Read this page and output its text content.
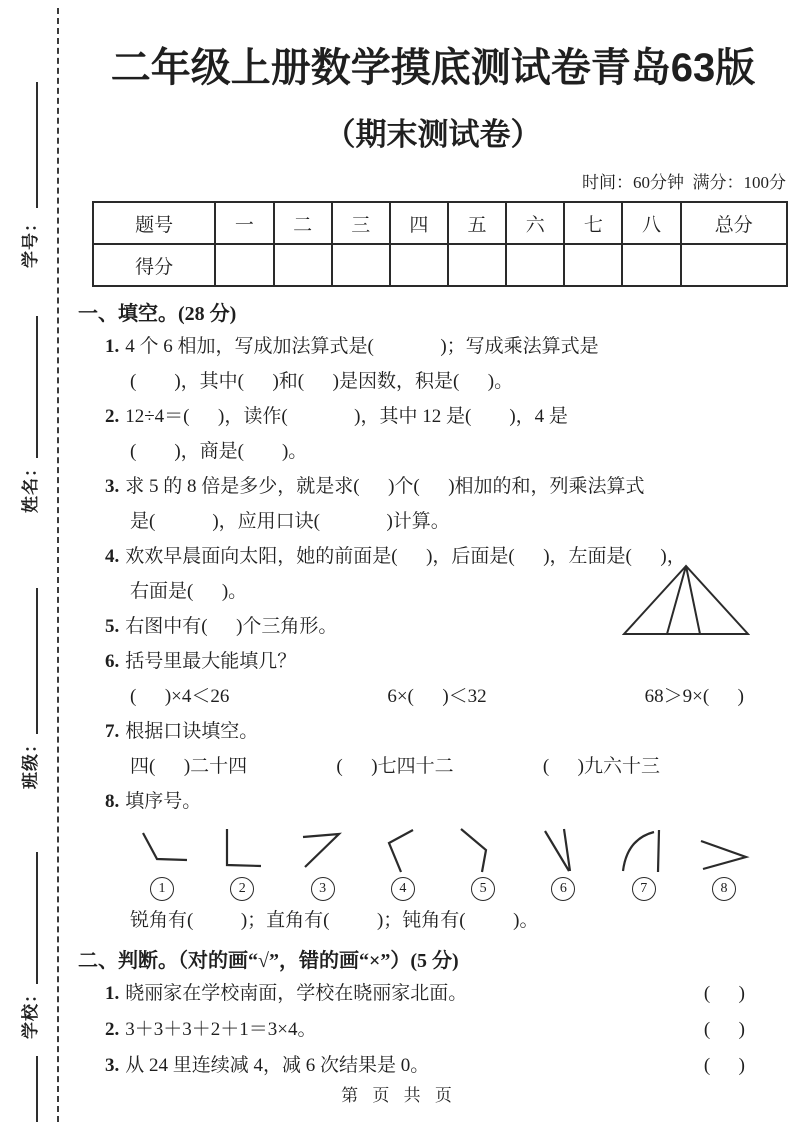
学号：
姓名：
班级：
学校：
二年级上册数学摸底测试卷青岛63版
（期末测试卷）
时间：60分钟  满分：100分
题号	一	二	三	四	五	六	七	八	总分
得分									
一、填空。(28 分)
1. 4 个 6 相加，写成加法算式是(              )；写成乘法算式是
(        )，其中(      )和(      )是因数，积是(      )。
2. 12÷4＝(      )，读作(              )，其中 12 是(        )，4 是
(        )，商是(        )。
3. 求 5 的 8 倍是多少，就是求(      )个(      )相加的和，列乘法算式
是(            )，应用口诀(              )计算。
4. 欢欢早晨面向太阳，她的前面是(      )，后面是(      )，左面是(      )，
右面是(      )。
5. 右图中有(      )个三角形。
6. 括号里最大能填几？
(      )×4＜26	6×(      )＜32	68＞9×(      )
7. 根据口诀填空。
四(      )二十四	(      )七四十二	(      )九六十三
8. 填序号。
1	2	3	4	5	6	7	8
锐角有(          )；直角有(          )；钝角有(          )。
二、判断。（对的画“√”，错的画“×”）(5 分)
1. 晓丽家在学校南面，学校在晓丽家北面。	(      )
2. 3＋3＋3＋2＋1＝3×4。	(      )
3. 从 24 里连续减 4，减 6 次结果是 0。	(      )
第 页 共 页
